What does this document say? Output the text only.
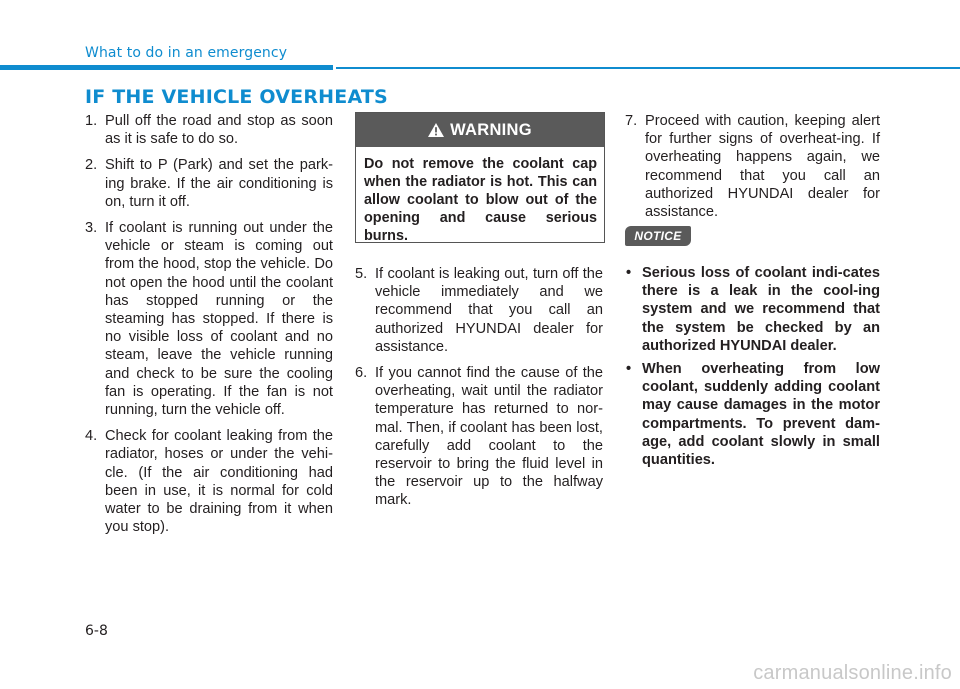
What to do in an emergency
IF THE VEHICLE OVERHEATS
1. Pull off the road and stop as soon as it is safe to do so.
2. Shift to P (Park) and set the park-ing brake. If the air conditioning is on, turn it off.
3. If coolant is running out under the vehicle or steam is coming out from the hood, stop the vehicle. Do not open the hood until the coolant has stopped running or the steaming has stopped. If there is no visible loss of coolant and no steam, leave the vehicle running and check to be sure the cooling fan is operating. If the fan is not running, turn the vehicle off.
4. Check for coolant leaking from the radiator, hoses or under the vehi-cle. (If the air conditioning had been in use, it is normal for cold water to be draining from it when you stop).
WARNING
Do not remove the coolant cap when the radiator is hot. This can allow coolant to blow out of the opening and cause serious burns.
5. If coolant is leaking out, turn off the vehicle immediately and we recommend that you call an authorized HYUNDAI dealer for assistance.
6. If you cannot find the cause of the overheating, wait until the radiator temperature has returned to nor-mal. Then, if coolant has been lost, carefully add coolant to the reservoir to bring the fluid level in the reservoir up to the halfway mark.
7. Proceed with caution, keeping alert for further signs of overheat-ing. If overheating happens again, we recommend that you call an authorized HYUNDAI dealer for assistance.
NOTICE
• Serious loss of coolant indi-cates there is a leak in the cool-ing system and we recommend that the system be checked by an authorized HYUNDAI dealer.
• When overheating from low coolant, suddenly adding coolant may cause damages in the motor compartments. To prevent dam-age, add coolant slowly in small quantities.
6-8
carmanualsonline.info
